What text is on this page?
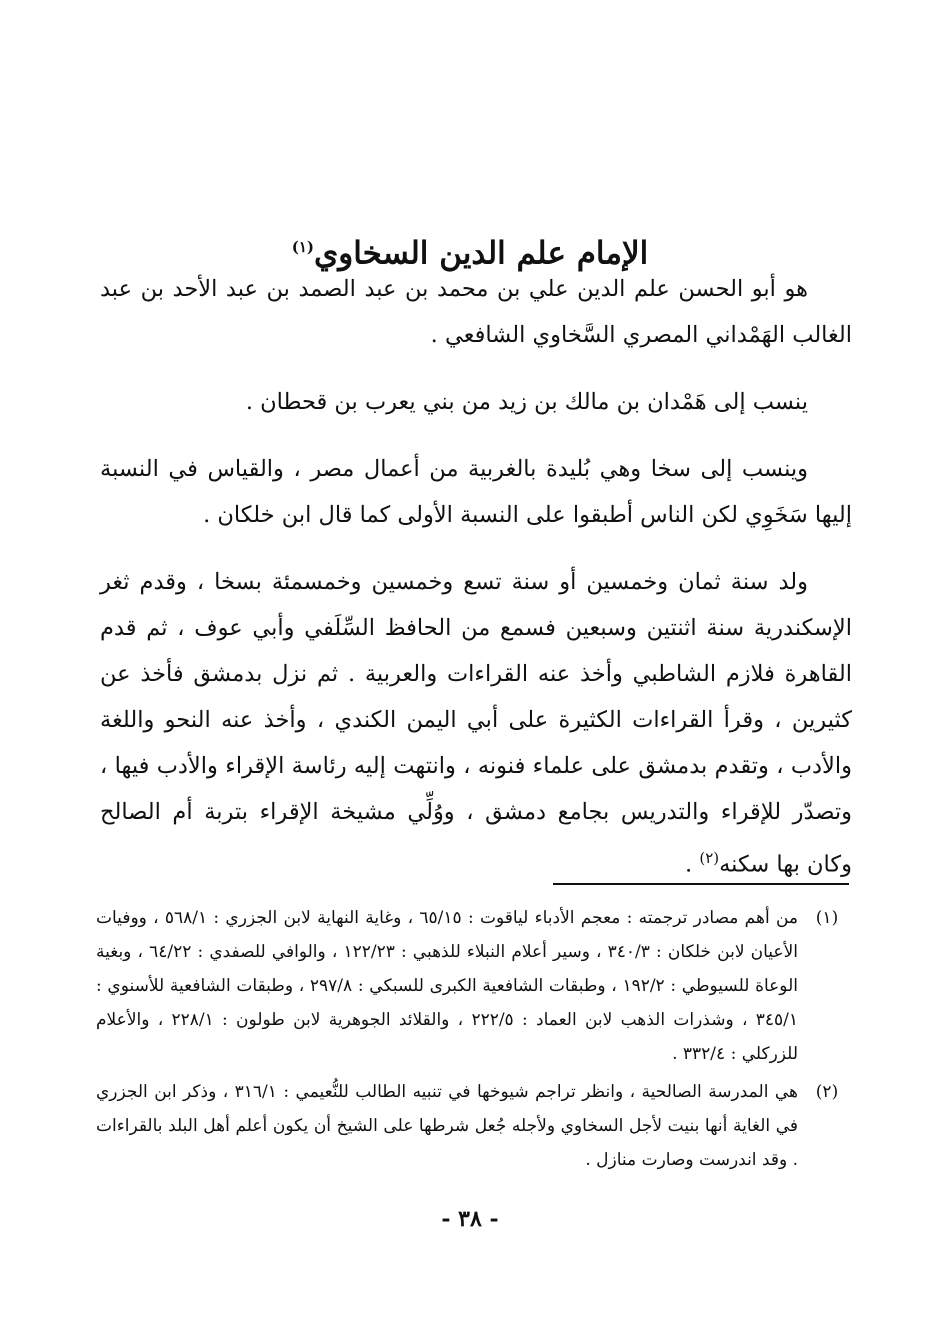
الإمام علم الدين السخاوي$^{(١)}$

هو أبو الحسن علم الدين علي بن محمد بن عبد الصمد بن عبد الأحد بن عبد الغالب الهَمْداني المصري السَّخاوي الشافعي .

ينسب إلى هَمْدان بن مالك بن زيد من بني يعرب بن قحطان .

وينسب إلى سخا وهي بُليدة بالغربية من أعمال مصر ، والقياس في النسبة إليها سَخَوِي لكن الناس أطبقوا على النسبة الأولى كما قال ابن خلكان .

ولد سنة ثمان وخمسين أو سنة تسع وخمسين وخمسمئة بسخا ، وقدم ثغر الإسكندرية سنة اثنتين وسبعين فسمع من الحافظ السِّلَفي وأبي عوف ، ثم قدم القاهرة فلازم الشاطبي وأخذ عنه القراءات والعربية . ثم نزل بدمشق فأخذ عن كثيرين ، وقرأ القراءات الكثيرة على أبي اليمن الكندي ، وأخذ عنه النحو واللغة والأدب ، وتقدم بدمشق على علماء فنونه ، وانتهت إليه رئاسة الإقراء والأدب فيها ، وتصدّر للإقراء والتدريس بجامع دمشق ، ووُلِّي مشيخة الإقراء بتربة أم الصالح وكان بها سكنه$^{(٢)}$ .

(١)
من أهم مصادر ترجمته : معجم الأدباء لياقوت : ٦٥/١٥ ، وغاية النهاية لابن الجزري : ٥٦٨/١ ، ووفيات الأعيان لابن خلكان : ٣٤٠/٣ ، وسير أعلام النبلاء للذهبي : ١٢٢/٢٣ ، والوافي للصفدي : ٦٤/٢٢ ، وبغية الوعاة للسيوطي : ١٩٢/٢ ، وطبقات الشافعية الكبرى للسبكي : ٢٩٧/٨ ، وطبقات الشافعية للأسنوي : ٣٤٥/١ ، وشذرات الذهب لابن العماد : ٢٢٢/٥ ، والقلائد الجوهرية لابن طولون : ٢٢٨/١ ، والأعلام للزركلي : ٣٣٢/٤ .
(٢)
هي المدرسة الصالحية ، وانظر تراجم شيوخها في تنبيه الطالب للنُّعيمي : ٣١٦/١ ، وذكر ابن الجزري في الغاية أنها بنيت لأجل السخاوي ولأجله جُعل شرطها على الشيخ أن يكون أعلم أهل البلد بالقراءات . وقد اندرست وصارت منازل .
- ٣٨ -
